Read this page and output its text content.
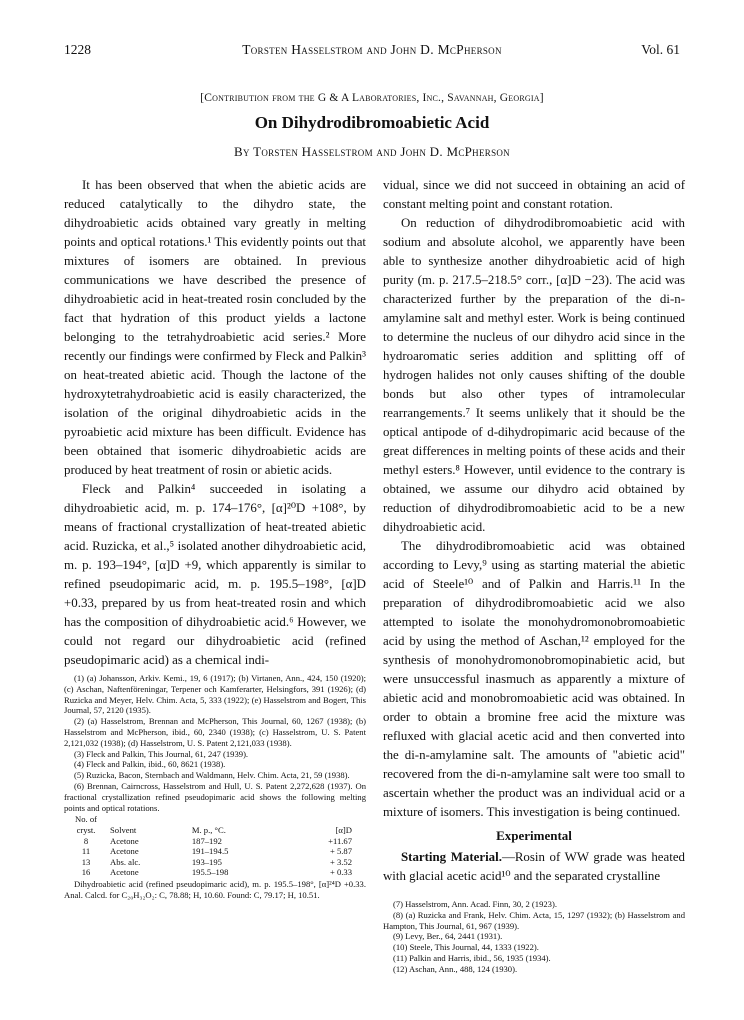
1228	Torsten Hasselstrom and John D. McPherson	Vol. 61
[Contribution from the G & A Laboratories, Inc., Savannah, Georgia]
On Dihydrodibromoabietic Acid
By Torsten Hasselstrom and John D. McPherson

It has been observed that when the abietic acids are reduced catalytically to the dihydro state, the dihydroabietic acids obtained vary greatly in melting points and optical rotations.¹ This evidently points out that mixtures of isomers are obtained. In previous communications we have described the presence of dihydroabietic acid in heat-treated rosin concluded by the fact that hydration of this product yields a lactone belonging to the tetrahydroabietic acid series.² More recently our findings were confirmed by Fleck and Palkin³ on heat-treated abietic acid. Though the lactone of the hydroxytetrahydroabietic acid is easily characterized, the isolation of the original dihydroabietic acids in the pyroabietic acid mixture has been difficult. Evidence has been obtained that isomeric dihydroabietic acids are produced by heat treatment of rosin or abietic acids.

Fleck and Palkin⁴ succeeded in isolating a dihydroabietic acid, m. p. 174–176°, [α]²⁰D +108°, by means of fractional crystallization of heat-treated abietic acid. Ruzicka, et al.,⁵ isolated another dihydroabietic acid, m. p. 193–194°, [α]D +9, which apparently is similar to refined pseudopimaric acid, m. p. 195.5–198°, [α]D +0.33, prepared by us from heat-treated rosin and which has the composition of dihydroabietic acid.⁶ However, we could not regard our dihydroabietic acid (refined pseudopimaric acid) as a chemical indi-

(1) (a) Johansson, Arkiv. Kemi., 19, 6 (1917); (b) Virtanen, Ann., 424, 150 (1920); (c) Aschan, Naftenföreningar, Terpener och Kamferarter, Helsingfors, 391 (1926); (d) Ruzicka and Meyer, Helv. Chim. Acta, 5, 333 (1922); (e) Hasselstrom and Bogert, This Journal, 57, 2120 (1935).
(2) (a) Hasselstrom, Brennan and McPherson, This Journal, 60, 1267 (1938); (b) Hasselstrom and McPherson, ibid., 60, 2340 (1938); (c) Hasselstrom, U. S. Patent 2,121,032 (1938); (d) Hasselstrom, U. S. Patent 2,121,033 (1938).
(3) Fleck and Palkin, This Journal, 61, 247 (1939).
(4) Fleck and Palkin, ibid., 60, 8621 (1938).
(5) Ruzicka, Bacon, Sternbach and Waldmann, Helv. Chim. Acta, 21, 59 (1938).
(6) Brennan, Cairncross, Hasselstrom and Hull, U. S. Patent 2,272,628 (1937). On fractional crystallization refined pseudopimaric acid shows the following melting points and optical rotations.
No. of cryst.	Solvent	M. p., °C.	[α]D
8	Acetone	187–192	+11.67
11	Acetone	191–194.5	+ 5.87
13	Abs. alc.	193–195	+ 3.52
16	Acetone	195.5–198	+ 0.33
Dihydroabietic acid (refined pseudopimaric acid), m. p. 195.5–198°, [α]²⁴D +0.33. Anal. Calcd. for C₂₀H₃₂O₂: C, 78.88; H, 10.60. Found: C, 79.17; H, 10.51.

vidual, since we did not succeed in obtaining an acid of constant melting point and constant rotation.

On reduction of dihydrodibromoabietic acid with sodium and absolute alcohol, we apparently have been able to synthesize another dihydroabietic acid of high purity (m. p. 217.5–218.5° corr., [α]D −23). The acid was characterized further by the preparation of the di-n-amylamine salt and methyl ester. Work is being continued to determine the nucleus of our dihydro acid since in the hydroaromatic series addition and splitting off of hydrogen halides not only causes shifting of the double bonds but also other types of intramolecular rearrangements.⁷ It seems unlikely that it should be the optical antipode of d-dihydropimaric acid because of the great differences in melting points of these acids and their methyl esters.⁸ However, until evidence to the contrary is obtained, we assume our dihydro acid obtained by reduction of dihydrodibromoabietic acid to be a new dihydroabietic acid.

The dihydrodibromoabietic acid was obtained according to Levy,⁹ using as starting material the abietic acid of Steele¹⁰ and of Palkin and Harris.¹¹ In the preparation of dihydrodibromoabietic acid we also attempted to isolate the monohydromonobromoabietic acid by using the method of Aschan,¹² employed for the synthesis of monohydromonobromopinabietic acid, but were unsuccessful inasmuch as apparently a mixture of abietic acid and monobromoabietic acid was obtained. In order to obtain a bromine free acid the mixture was refluxed with glacial acetic acid and then converted into the di-n-amylamine salt. The amounts of "abietic acid" recovered from the di-n-amylamine salt were too small to ascertain whether the product was an individual acid or a mixture of isomers. This investigation is being continued.

Experimental

Starting Material.—Rosin of WW grade was heated with glacial acetic acid¹⁰ and the separated crystalline

(7) Hasselstrom, Ann. Acad. Finn, 30, 2 (1923).
(8) (a) Ruzicka and Frank, Helv. Chim. Acta, 15, 1297 (1932); (b) Hasselstrom and Hampton, This Journal, 61, 967 (1939).
(9) Levy, Ber., 64, 2441 (1931).
(10) Steele, This Journal, 44, 1333 (1922).
(11) Palkin and Harris, ibid., 56, 1935 (1934).
(12) Aschan, Ann., 488, 124 (1930).
